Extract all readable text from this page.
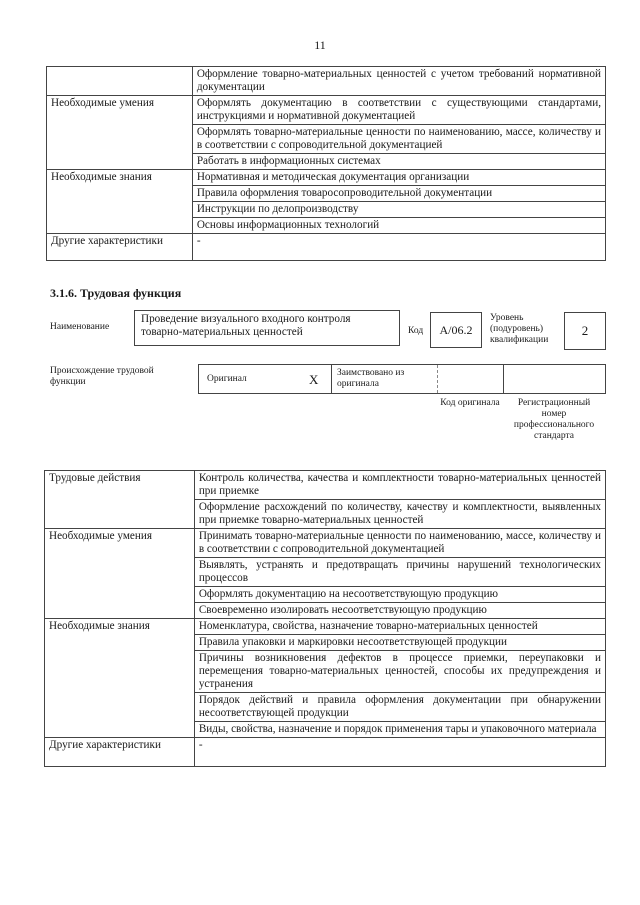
11
	Оформление товарно-материальных ценностей с учетом требований нормативной документации
Необходимые умения	Оформлять документацию в соответствии с существующими стандартами, инструкциями и нормативной документацией
	Оформлять товарно-материальные ценности по наименованию, массе, количеству и в соответствии с сопроводительной документацией
	Работать в информационных системах
Необходимые знания	Нормативная и методическая документация организации
	Правила оформления товаросопроводительной документации
	Инструкции по делопроизводству
	Основы информационных технологий
Другие характеристики	-
3.1.6. Трудовая функция
Наименование
Проведение визуального входного контроля товарно-материальных ценностей	Код	А/06.2
Уровень (подуровень) квалификации
2
Происхождение трудовой функции	Оригинал	X Заимствовано из оригинала
Код оригинала	Регистрационный номер профессионального стандарта
Трудовые действия	Контроль количества, качества и комплектности товарно-материальных ценностей при приемке
	Оформление расхождений по количеству, качеству и комплектности, выявленных при приемке товарно-материальных ценностей
Необходимые умения	Принимать товарно-материальные ценности по наименованию, массе, количеству и в соответствии с сопроводительной документацией
	Выявлять, устранять и предотвращать причины нарушений технологических процессов
	Оформлять документацию на несоответствующую продукцию
	Своевременно изолировать несоответствующую продукцию
Необходимые знания	Номенклатура, свойства, назначение товарно-материальных ценностей
	Правила упаковки и маркировки несоответствующей продукции
	Причины возникновения дефектов в процессе приемки, переупаковки и перемещения товарно-материальных ценностей, способы их предупреждения и устранения
	Порядок действий и правила оформления документации при обнаружении несоответствующей продукции
	Виды, свойства, назначение и порядок применения тары и упаковочного материала
Другие характеристики	-
